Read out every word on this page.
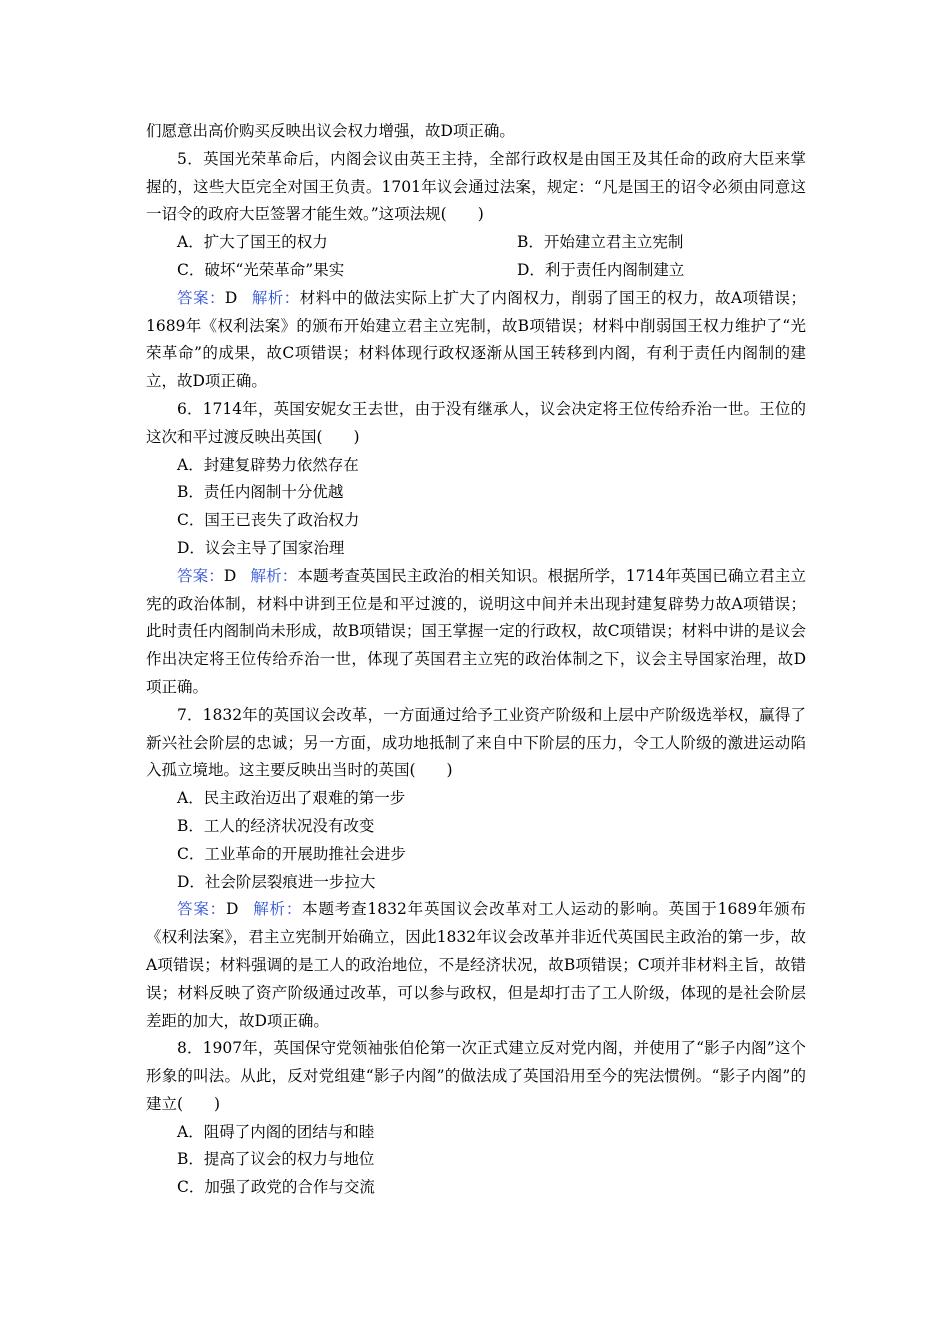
们愿意出高价购买反映出议会权力增强，故D项正确。

5．英国光荣革命后，内阁会议由英王主持，全部行政权是由国王及其任命的政府大臣来掌握的，这些大臣完全对国王负责。1701年议会通过法案，规定：“凡是国王的诏令必须由同意这一诏令的政府大臣签署才能生效。”这项法规(　　)

A．扩大了国王的权力	B．开始建立君主立宪制

C．破坏“光荣革命”果实	D．利于责任内阁制建立

答案：D 解析：材料中的做法实际上扩大了内阁权力，削弱了国王的权力，故A项错误；1689年《权利法案》的颁布开始建立君主立宪制，故B项错误；材料中削弱国王权力维护了“光荣革命”的成果，故C项错误；材料体现行政权逐渐从国王转移到内阁，有利于责任内阁制的建立，故D项正确。

6．1714年，英国安妮女王去世，由于没有继承人，议会决定将王位传给乔治一世。王位的这次和平过渡反映出英国(　　)

A．封建复辟势力依然存在

B．责任内阁制十分优越

C．国王已丧失了政治权力

D．议会主导了国家治理

答案：D 解析：本题考查英国民主政治的相关知识。根据所学，1714年英国已确立君主立宪的政治体制，材料中讲到王位是和平过渡的，说明这中间并未出现封建复辟势力故A项错误；此时责任内阁制尚未形成，故B项错误；国王掌握一定的行政权，故C项错误；材料中讲的是议会作出决定将王位传给乔治一世，体现了英国君主立宪的政治体制之下，议会主导国家治理，故D项正确。

7．1832年的英国议会改革，一方面通过给予工业资产阶级和上层中产阶级选举权，赢得了新兴社会阶层的忠诚；另一方面，成功地抵制了来自中下阶层的压力，令工人阶级的激进运动陷入孤立境地。这主要反映出当时的英国(　　)

A．民主政治迈出了艰难的第一步

B．工人的经济状况没有改变

C．工业革命的开展助推社会进步

D．社会阶层裂痕进一步拉大

答案：D 解析：本题考查1832年英国议会改革对工人运动的影响。英国于1689年颁布《权利法案》，君主立宪制开始确立，因此1832年议会改革并非近代英国民主政治的第一步，故A项错误；材料强调的是工人的政治地位，不是经济状况，故B项错误；C项并非材料主旨，故错误；材料反映了资产阶级通过改革，可以参与政权，但是却打击了工人阶级，体现的是社会阶层差距的加大，故D项正确。

8．1907年，英国保守党领袖张伯伦第一次正式建立反对党内阁，并使用了“影子内阁”这个形象的叫法。从此，反对党组建“影子内阁”的做法成了英国沿用至今的宪法惯例。“影子内阁”的建立(　　)

A．阻碍了内阁的团结与和睦

B．提高了议会的权力与地位

C．加强了政党的合作与交流
